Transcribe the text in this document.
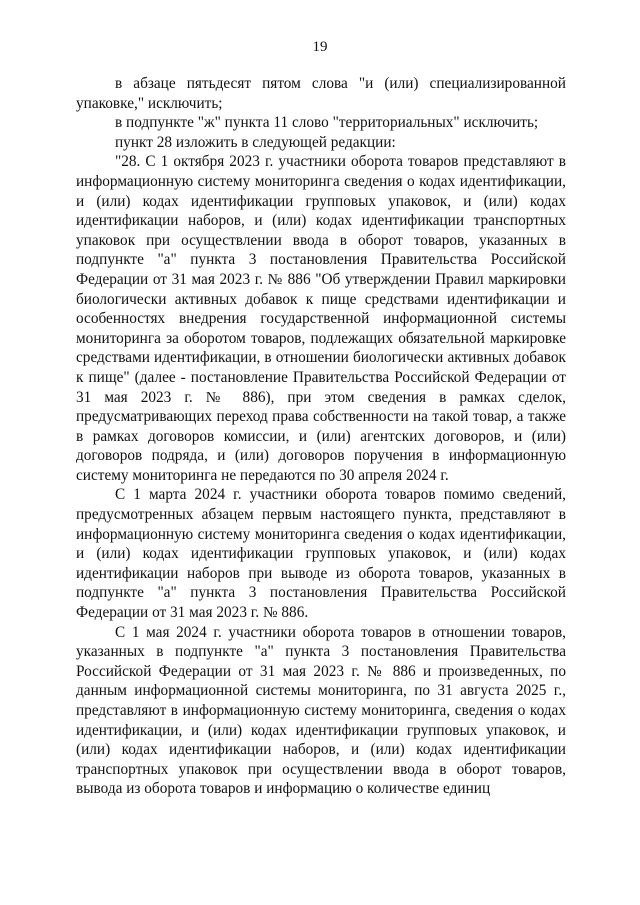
19

в абзаце пятьдесят пятом слова "и (или) специализированной упаковке," исключить;

в подпункте "ж" пункта 11 слово "территориальных" исключить;

пункт 28 изложить в следующей редакции:

"28. С 1 октября 2023 г. участники оборота товаров представляют в информационную систему мониторинга сведения о кодах идентификации, и (или) кодах идентификации групповых упаковок, и (или) кодах идентификации наборов, и (или) кодах идентификации транспортных упаковок при осуществлении ввода в оборот товаров, указанных в подпункте "а" пункта 3 постановления Правительства Российской Федерации от 31 мая 2023 г. № 886 "Об утверждении Правил маркировки биологически активных добавок к пище средствами идентификации и особенностях внедрения государственной информационной системы мониторинга за оборотом товаров, подлежащих обязательной маркировке средствами идентификации, в отношении биологически активных добавок к пище" (далее - постановление Правительства Российской Федерации от 31 мая 2023 г. № 886), при этом сведения в рамках сделок, предусматривающих переход права собственности на такой товар, а также в рамках договоров комиссии, и (или) агентских договоров, и (или) договоров подряда, и (или) договоров поручения в информационную систему мониторинга не передаются по 30 апреля 2024 г.

С 1 марта 2024 г. участники оборота товаров помимо сведений, предусмотренных абзацем первым настоящего пункта, представляют в информационную систему мониторинга сведения о кодах идентификации, и (или) кодах идентификации групповых упаковок, и (или) кодах идентификации наборов при выводе из оборота товаров, указанных в подпункте "а" пункта 3 постановления Правительства Российской Федерации от 31 мая 2023 г. № 886.

С 1 мая 2024 г. участники оборота товаров в отношении товаров, указанных в подпункте "а" пункта 3 постановления Правительства Российской Федерации от 31 мая 2023 г. № 886 и произведенных, по данным информационной системы мониторинга, по 31 августа 2025 г., представляют в информационную систему мониторинга, сведения о кодах идентификации, и (или) кодах идентификации групповых упаковок, и (или) кодах идентификации наборов, и (или) кодах идентификации транспортных упаковок при осуществлении ввода в оборот товаров, вывода из оборота товаров и информацию о количестве единиц
